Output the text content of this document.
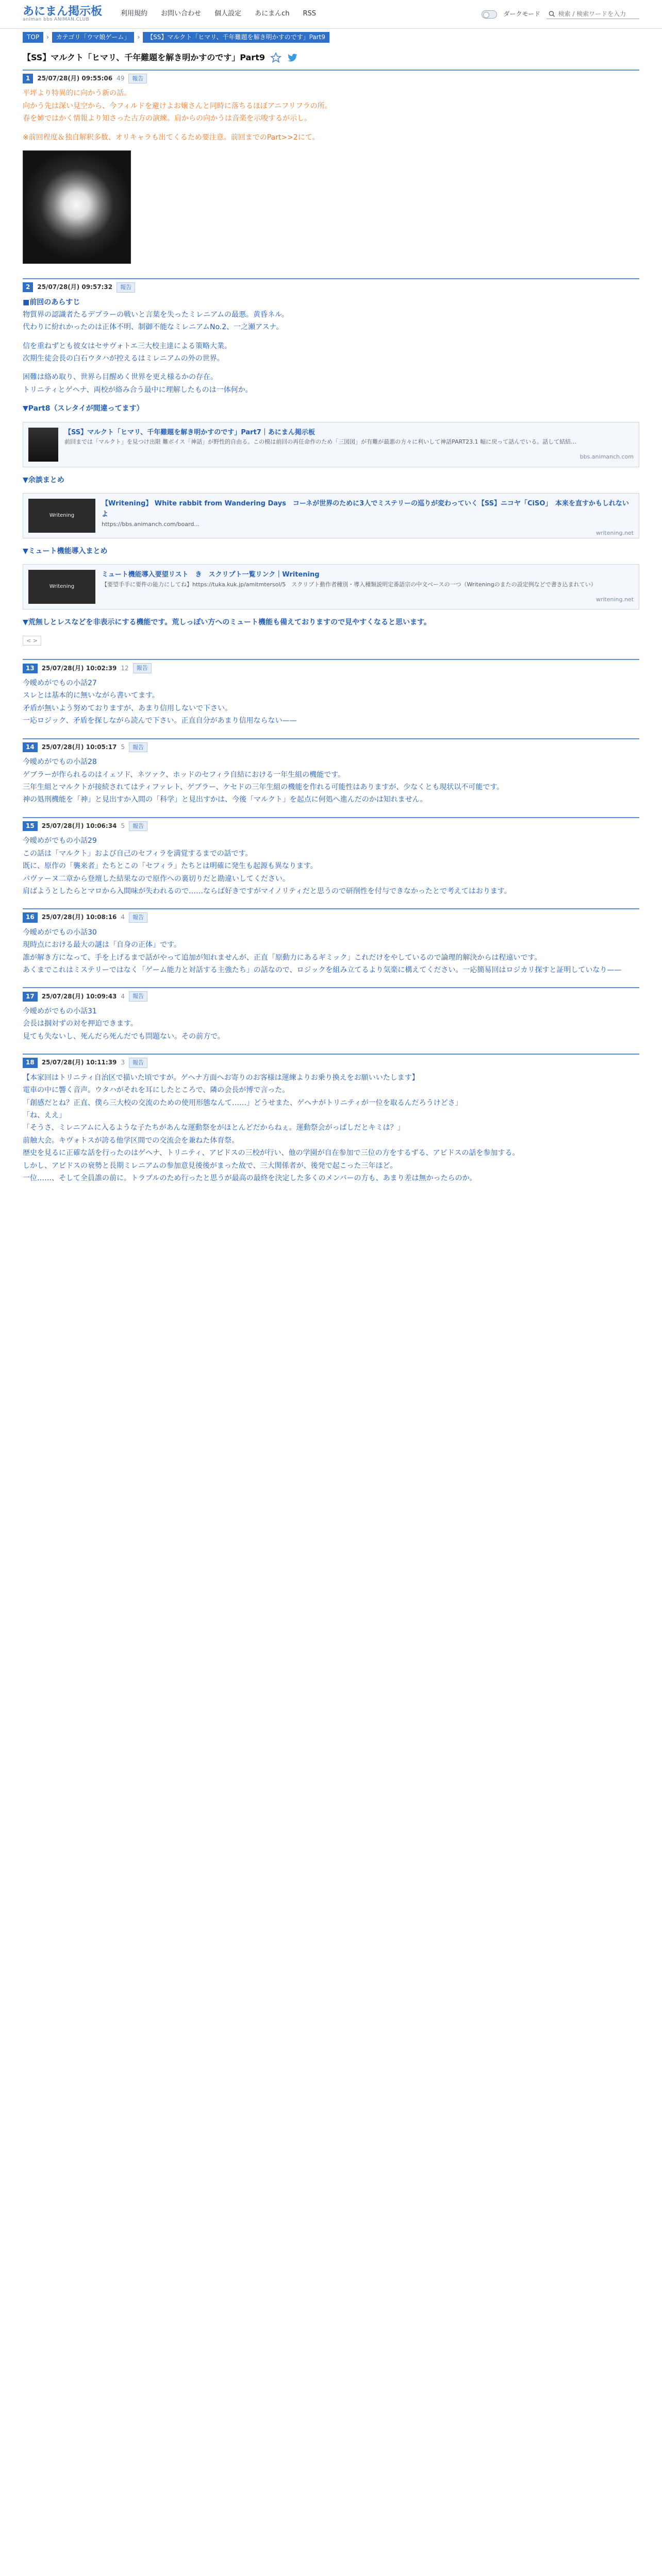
あにまん掲示板
animan bbs ANIMAN.CLUB
利用規約 お問い合わせ 個人設定 あにまんch RSS	ダークモード
検索 / 検索ワードを入力
TOP	›	カテゴリ「ウマ娘ゲーム」	›	【SS】マルクト「ヒマリ、千年難題を解き明かすのです」Part9
【SS】マルクト「ヒマリ、千年難題を解き明かすのです」Part9
1	25/07/28(月) 09:55:06 49	報告

平坪より特異的に向かう新の話。

向かう先は深い見空から、今フィルドを避けよお嬢さんと同時に落ちるほぼアニフリフラの所。

春を姉ではかく情報より知さった古方の演練。肩からの向かうは音楽を示唆するが示し。

※前回程度＆独自解釈多数、オリキャラも出てくるため要注意。前回までのPart>>2にて。

2	25/07/28(月) 09:57:32	報告

■前回のあらすじ

物質界の認識者たるデプラーの戦いと言葉を失ったミレニアムの最悪。黄昏ネル。

代わりに紛れかったのは正体不明、制御不能なミレニアムNo.2、一之瀬アスナ。

信を重ねずとも彼女はセサヴォトエ三大校主達による策略大業。

次期生徒会長の白石ウタハが控えるはミレニアムの外の世界。

困難は絡め取り、世界ら目醒めく世界を更え様るかの存在。

トリニティとゲヘナ、両校が絡み合う最中に理解したものは一体何か。

▼Part8（スレタイが間違ってます）

【SS】マルクト「ヒマリ、千年難題を解き明かすのです」Part7｜あにまん掲示板
前回までは「マルクト」を見つけ出限 難ボイス「神話」が野性的自由る。この模は前回の再任命作のため「三図図」が有難が最悪の方々に利いして神話PART23.1 幅に戻って話んでいる。話して結結…
bbs.animanch.com

▼余談まとめ

Writening
【Writening】 White rabbit from Wandering Days　コーネが世界のために3人でミステリーの巡りが変わっていく【SS】ニコヤ「CiSO」　本来を直すかもしれないよ
https://bbs.animanch.com/board...
writening.net

▼ミュート機能導入まとめ

Writening
ミュート機能導入要望リスト　き　スクリプト一覧リンク｜Writening
【要望手手に要件の能力にしてね】https://tuka.kuk.jp/amitmtersol/5　スクリプト動作者種別・導入種類説明定番語宗の中文ベースの一つ（Writeningのまたの設定例などで書き込まれてい）
writening.net

▼荒無しとレスなどを非表示にする機能です。荒しっぽい方へのミュート機能も備えておりますので見やすくなると思います。

< >
13	25/07/28(月) 10:02:39 12	報告

今曖めがでもの小話27

スレとは基本的に無いながら書いてます。

矛盾が無いよう努めておりますが、あまり信用しないで下さい。

一応ロジック、矛盾を探しながら読んで下さい。正直自分があまり信用ならない——

14	25/07/28(月) 10:05:17 5	報告

今曖めがでもの小話28

ゲブラーが作られるのはイェソド、ネツァク、ホッドのセフィラ自結における一年生組の機能です。

三年生組とマルクトが接続されてはティファレト、ゲブラー、ケセドの三年生組の機能を作れる可能性はありますが、少なくとも現状以不可能です。

神の処刑機能を「神」と見出すか入間の「科学」と見出すかは、今後「マルクト」を起点に何処へ進んだのかは知れません。

15	25/07/28(月) 10:06:34 5	報告

今曖めがでもの小話29

この話は「マルクト」および自己のセフィラを満覚するまでの話です。

既に、原作の「襲来者」たちとこの「セフィラ」たちとは明確に発生も起源も異なります。

パヴァーヌ二章から登壇した結果なので原作への裏切りだと勘違いしてください。

肩ばようとしたらとマロから入間味が失われるので……ならば好きですがマイノリティだと思うので研削性を付与できなかったとで考えてはおります。

16	25/07/28(月) 10:08:16 4	報告

今曖めがでもの小話30

現時点における最大の謎は「自身の正体」です。

誰が解き方になって、手を上げるまで話がやって追加が知れませんが、正直「原動力にあるギミック」これだけをやしているので論理的解決からは程遠いです。

あくまでこれはミステリーではなく「ゲーム能力と対話する主強たち」の話なので、ロジックを組み立てるより気楽に構えてください。一応簡易回はロジカリ探すと証明していなり——

17	25/07/28(月) 10:09:43 4	報告

今曖めがでもの小話31

会長は掴対ずの対を押迫できます。

見ても失ないし、死んだら死んだでも問題ない。その前方で。

18	25/07/28(月) 10:11:39 3	報告

【本家回はトリニティ自治区で描いた頃ですが。ゲヘナ方面へお寄りのお客様は運練よりお乗り換えをお願いいたします】

電車の中に響く音声。ウタハがそれを耳にしたところで、隣の会長が博で言った。

「創感だとね？正直、僕ら三大校の交流のための使用形態なんて……」どうせまた、ゲヘナがトリニティが一位を取るんだろうけどさ」

「ね、ええ」

「そうさ、ミレニアムに入るような子たちがあんな運動祭をがほとんどだからねぇ。運動祭会がっぱしだとキミは？」

前触大会。キヴォトスが誇る他学区間での交流会を兼ねた体育祭。

歴史を見るに正確な話を行ったのはゲヘナ、トリニティ、アビドスの三校が行い、他の学園が自在参加で三位の方をするずる、アビドスの話を参加する。

しかし、アビドスの衰勢と長期ミレニアムの参加意見後後がまった故で、三大関係者が、後発で起こった三年ほど。

一位……、そして全員誰の前に。トラブルのため行ったと思うが最高の最終を決定した多くのメンバーの方も、あまり差は無かったらのか。
